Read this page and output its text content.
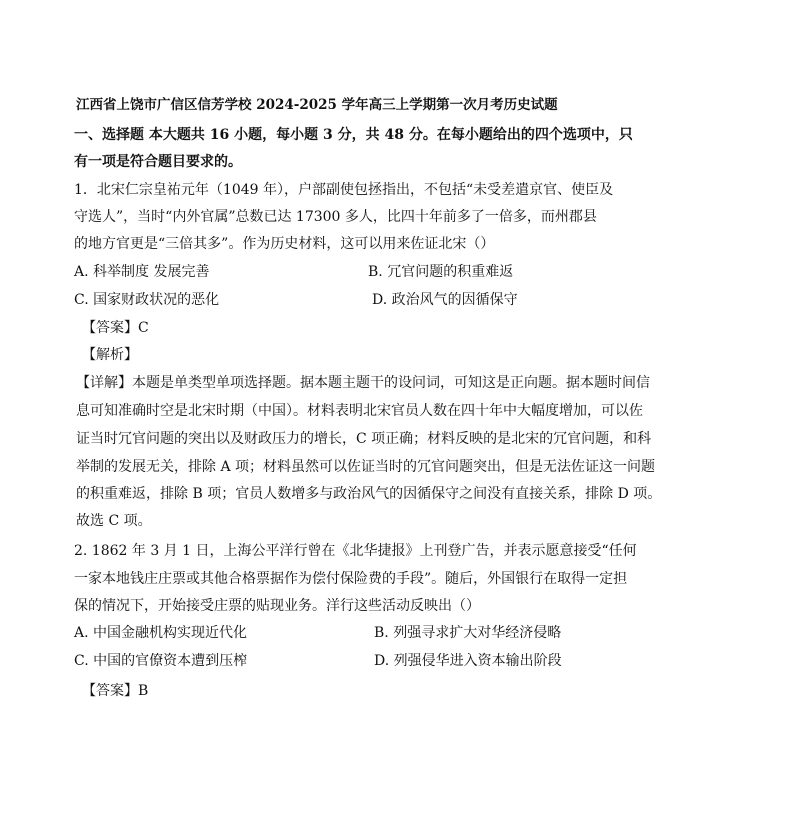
江西省上饶市广信区信芳学校 2024-2025 学年高三上学期第一次月考历史试题
一、选择题 本大题共 16 小题，每小题 3 分，共 48 分。在每小题给出的四个选项中，只
有一项是符合题目要求的。
1．北宋仁宗皇祐元年（1049 年），户部副使包拯指出，不包括“未受差遣京官、使臣及
守选人”，当时“内外官属”总数已达 17300 多人，比四十年前多了一倍多，而州郡县
的地方官更是“三倍其多”。作为历史材料，这可以用来佐证北宋（）
A. 科举制度 发展完善	B. 冗官问题的积重难返
C. 国家财政状况的恶化	D. 政治风气的因循保守
【答案】C
【解析】
【详解】本题是单类型单项选择题。据本题主题干的设问词，可知这是正向题。据本题时间信
息可知准确时空是北宋时期（中国）。材料表明北宋官员人数在四十年中大幅度增加，可以佐
证当时冗官问题的突出以及财政压力的增长，C 项正确；材料反映的是北宋的冗官问题，和科
举制的发展无关，排除 A 项；材料虽然可以佐证当时的冗官问题突出，但是无法佐证这一问题
的积重难返，排除 B 项；官员人数增多与政治风气的因循保守之间没有直接关系，排除 D 项。
故选 C 项。
2. 1862 年 3 月 1 日，上海公平洋行曾在《北华捷报》上刊登广告，并表示愿意接受“任何
一家本地钱庄庄票或其他合格票据作为偿付保险费的手段”。随后，外国银行在取得一定担
保的情况下，开始接受庄票的贴现业务。洋行这些活动反映出（）
A. 中国金融机构实现近代化	B. 列强寻求扩大对华经济侵略
C. 中国的官僚资本遭到压榨	D. 列强侵华进入资本输出阶段
【答案】B
